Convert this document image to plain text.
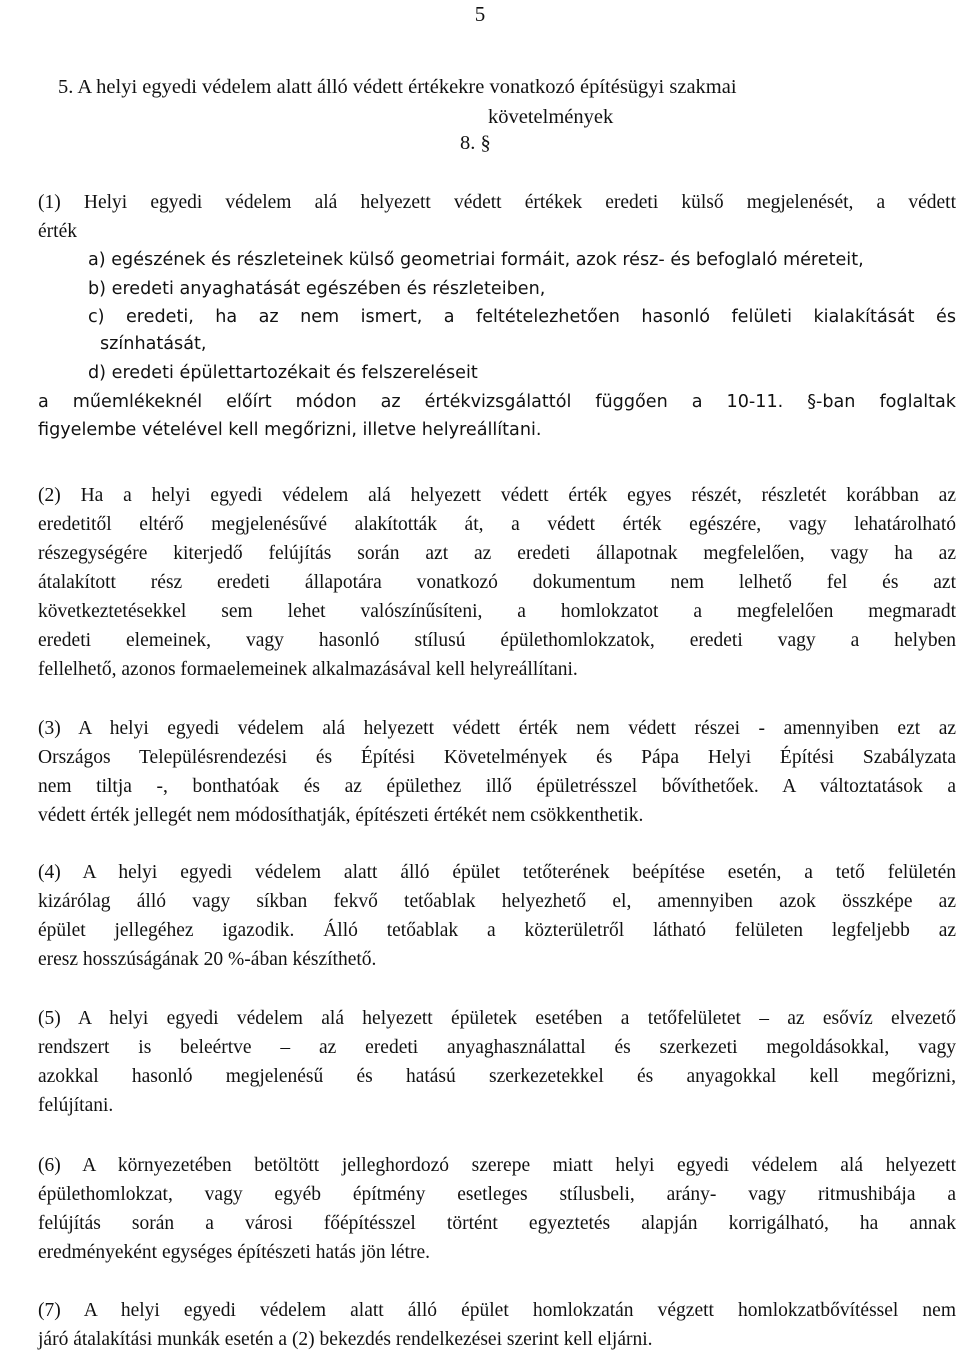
5
5. A helyi egyedi védelem alatt álló védett értékekre vonatkozó építésügyi szakmai
követelmények
8. §
(1) Helyi egyedi védelem alá helyezett védett értékek eredeti külső megjelenését, a védett
érték
a) egészének és részleteinek külső geometriai formáit, azok rész- és befoglaló méreteit,
b) eredeti anyaghatását egészében és részleteiben,
c) eredeti, ha az nem ismert, a feltételezhetően hasonló felületi kialakítását és
színhatását,
d) eredeti épülettartozékait és felszereléseit
a műemlékeknél előírt módon az értékvizsgálattól függően a 10-11. §-ban foglaltak
figyelembe vételével kell megőrizni, illetve helyreállítani.
(2) Ha a helyi egyedi védelem alá helyezett védett érték egyes részét, részletét korábban az
eredetitől eltérő megjelenésűvé alakították át, a védett érték egészére, vagy lehatárolható
részegységére kiterjedő felújítás során azt az eredeti állapotnak megfelelően, vagy ha az
átalakított rész eredeti állapotára vonatkozó dokumentum nem lelhető fel és azt
következtetésekkel sem lehet valószínűsíteni, a homlokzatot a megfelelően megmaradt
eredeti elemeinek, vagy hasonló stílusú épülethomlokzatok, eredeti vagy a helyben
fellelhető, azonos formaelemeinek alkalmazásával kell helyreállítani.
(3) A helyi egyedi védelem alá helyezett védett érték nem védett részei - amennyiben ezt az
Országos Településrendezési és Építési Követelmények és Pápa Helyi Építési Szabályzata
nem tiltja -, bonthatóak és az épülethez illő épületrésszel bővíthetőek. A változtatások a
védett érték jellegét nem módosíthatják, építészeti értékét nem csökkenthetik.
(4) A helyi egyedi védelem alatt álló épület tetőterének beépítése esetén, a tető felületén
kizárólag álló vagy síkban fekvő tetőablak helyezhető el, amennyiben azok összképe az
épület jellegéhez igazodik. Álló tetőablak a közterületről látható felületen legfeljebb az
eresz hosszúságának 20 %-ában készíthető.
(5) A helyi egyedi védelem alá helyezett épületek esetében a tetőfelületet – az esővíz elvezető
rendszert is beleértve – az eredeti anyaghasználattal és szerkezeti megoldásokkal, vagy
azokkal hasonló megjelenésű és hatású szerkezetekkel és anyagokkal kell megőrizni,
felújítani.
(6) A környezetében betöltött jelleghordozó szerepe miatt helyi egyedi védelem alá helyezett
épülethomlokzat, vagy egyéb építmény esetleges stílusbeli, arány- vagy ritmushibája a
felújítás során a városi főépítésszel történt egyeztetés alapján korrigálható, ha annak
eredményeként egységes építészeti hatás jön létre.
(7) A helyi egyedi védelem alatt álló épület homlokzatán végzett homlokzatbővítéssel nem
járó átalakítási munkák esetén a (2) bekezdés rendelkezései szerint kell eljárni.
